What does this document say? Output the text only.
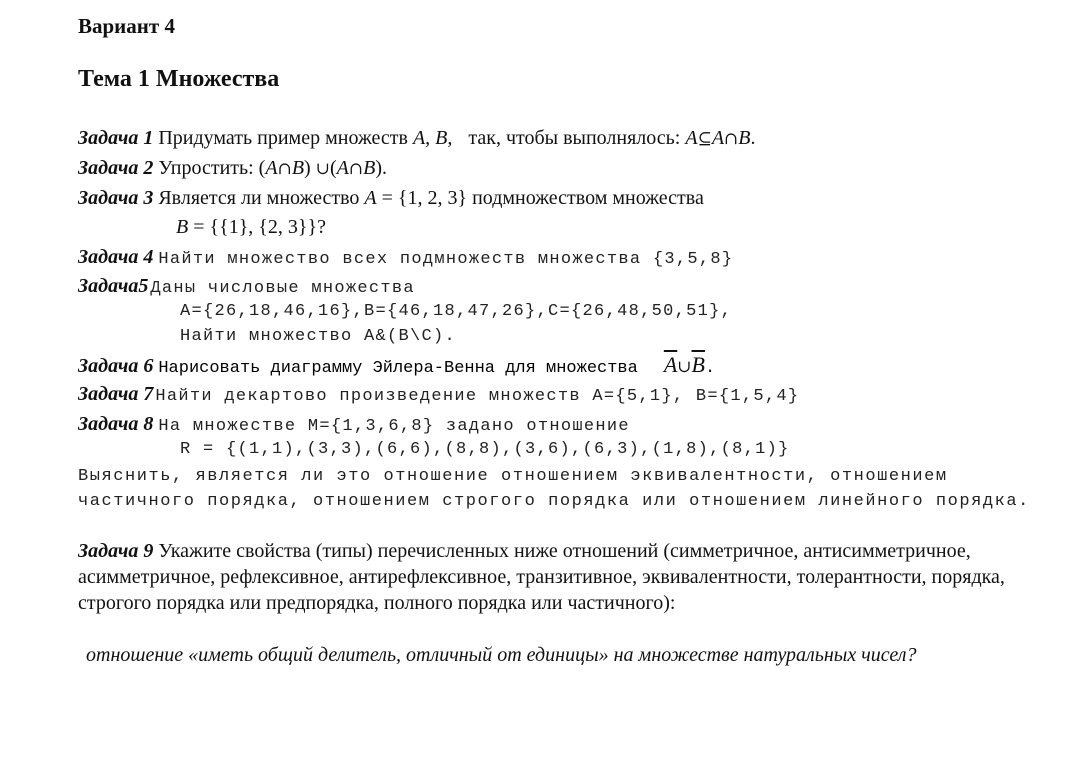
Вариант 4
Тема 1 Множества
Задача 1 Придумать пример множеств A, B, так, чтобы выполнялось: A⊆A∩B.
Задача 2 Упростить: (A∩B) ∪(A∩B).
Задача 3 Является ли множество A = {1, 2, 3} подмножеством множества
B = {{1}, {2, 3}}?
Задача 4 Найти множество всех подмножеств множества {3,5,8}
Задача5 Даны числовые множества
A={26,18,46,16},B={46,18,47,26},C={26,48,50,51},
Найти множество A&(B\C).
Задача 6 Нарисовать диаграмму Эйлера-Венна для множества $\overline{A}\cup\overline{B}$.
Задача 7 Найти декартово произведение множеств A={5,1}, B={1,5,4}
Задача 8 На множестве M={1,3,6,8} задано отношение
R = {(1,1),(3,3),(6,6),(8,8),(3,6),(6,3),(1,8),(8,1)}
Выяснить, является ли это отношение отношением эквивалентности, отношением частичного порядка, отношением строгого порядка или отношением линейного порядка.
Задача 9 Укажите свойства (типы) перечисленных ниже отношений (симметричное, антисимметричное, асимметричное, рефлексивное, антирефлексивное, транзитивное, эквивалентности, толерантности, порядка, строгого порядка или предпорядка, полного порядка или частичного):
отношение «иметь общий делитель, отличный от единицы» на множестве натуральных чисел?
